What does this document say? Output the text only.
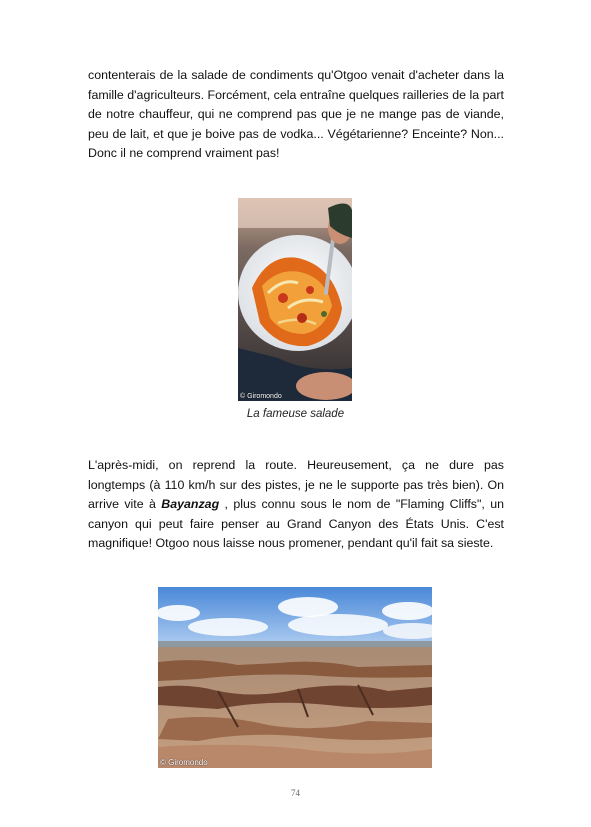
contenterais de la salade de condiments qu'Otgoo venait d'acheter dans la famille d'agriculteurs. Forcément, cela entraîne quelques railleries de la part de notre chauffeur, qui ne comprend pas que je ne mange pas de viande, peu de lait, et que je boive pas de vodka... Végétarienne? Enceinte? Non... Donc il ne comprend vraiment pas!

© Giromondo

La fameuse salade

L'après-midi, on reprend la route. Heureusement, ça ne dure pas longtemps (à 110 km/h sur des pistes, je ne le supporte pas très bien). On arrive vite à Bayanzag , plus connu sous le nom de "Flaming Cliffs", un canyon qui peut faire penser au Grand Canyon des États Unis. C'est magnifique! Otgoo nous laisse nous promener, pendant qu'il fait sa sieste.

© Giromondo

74
